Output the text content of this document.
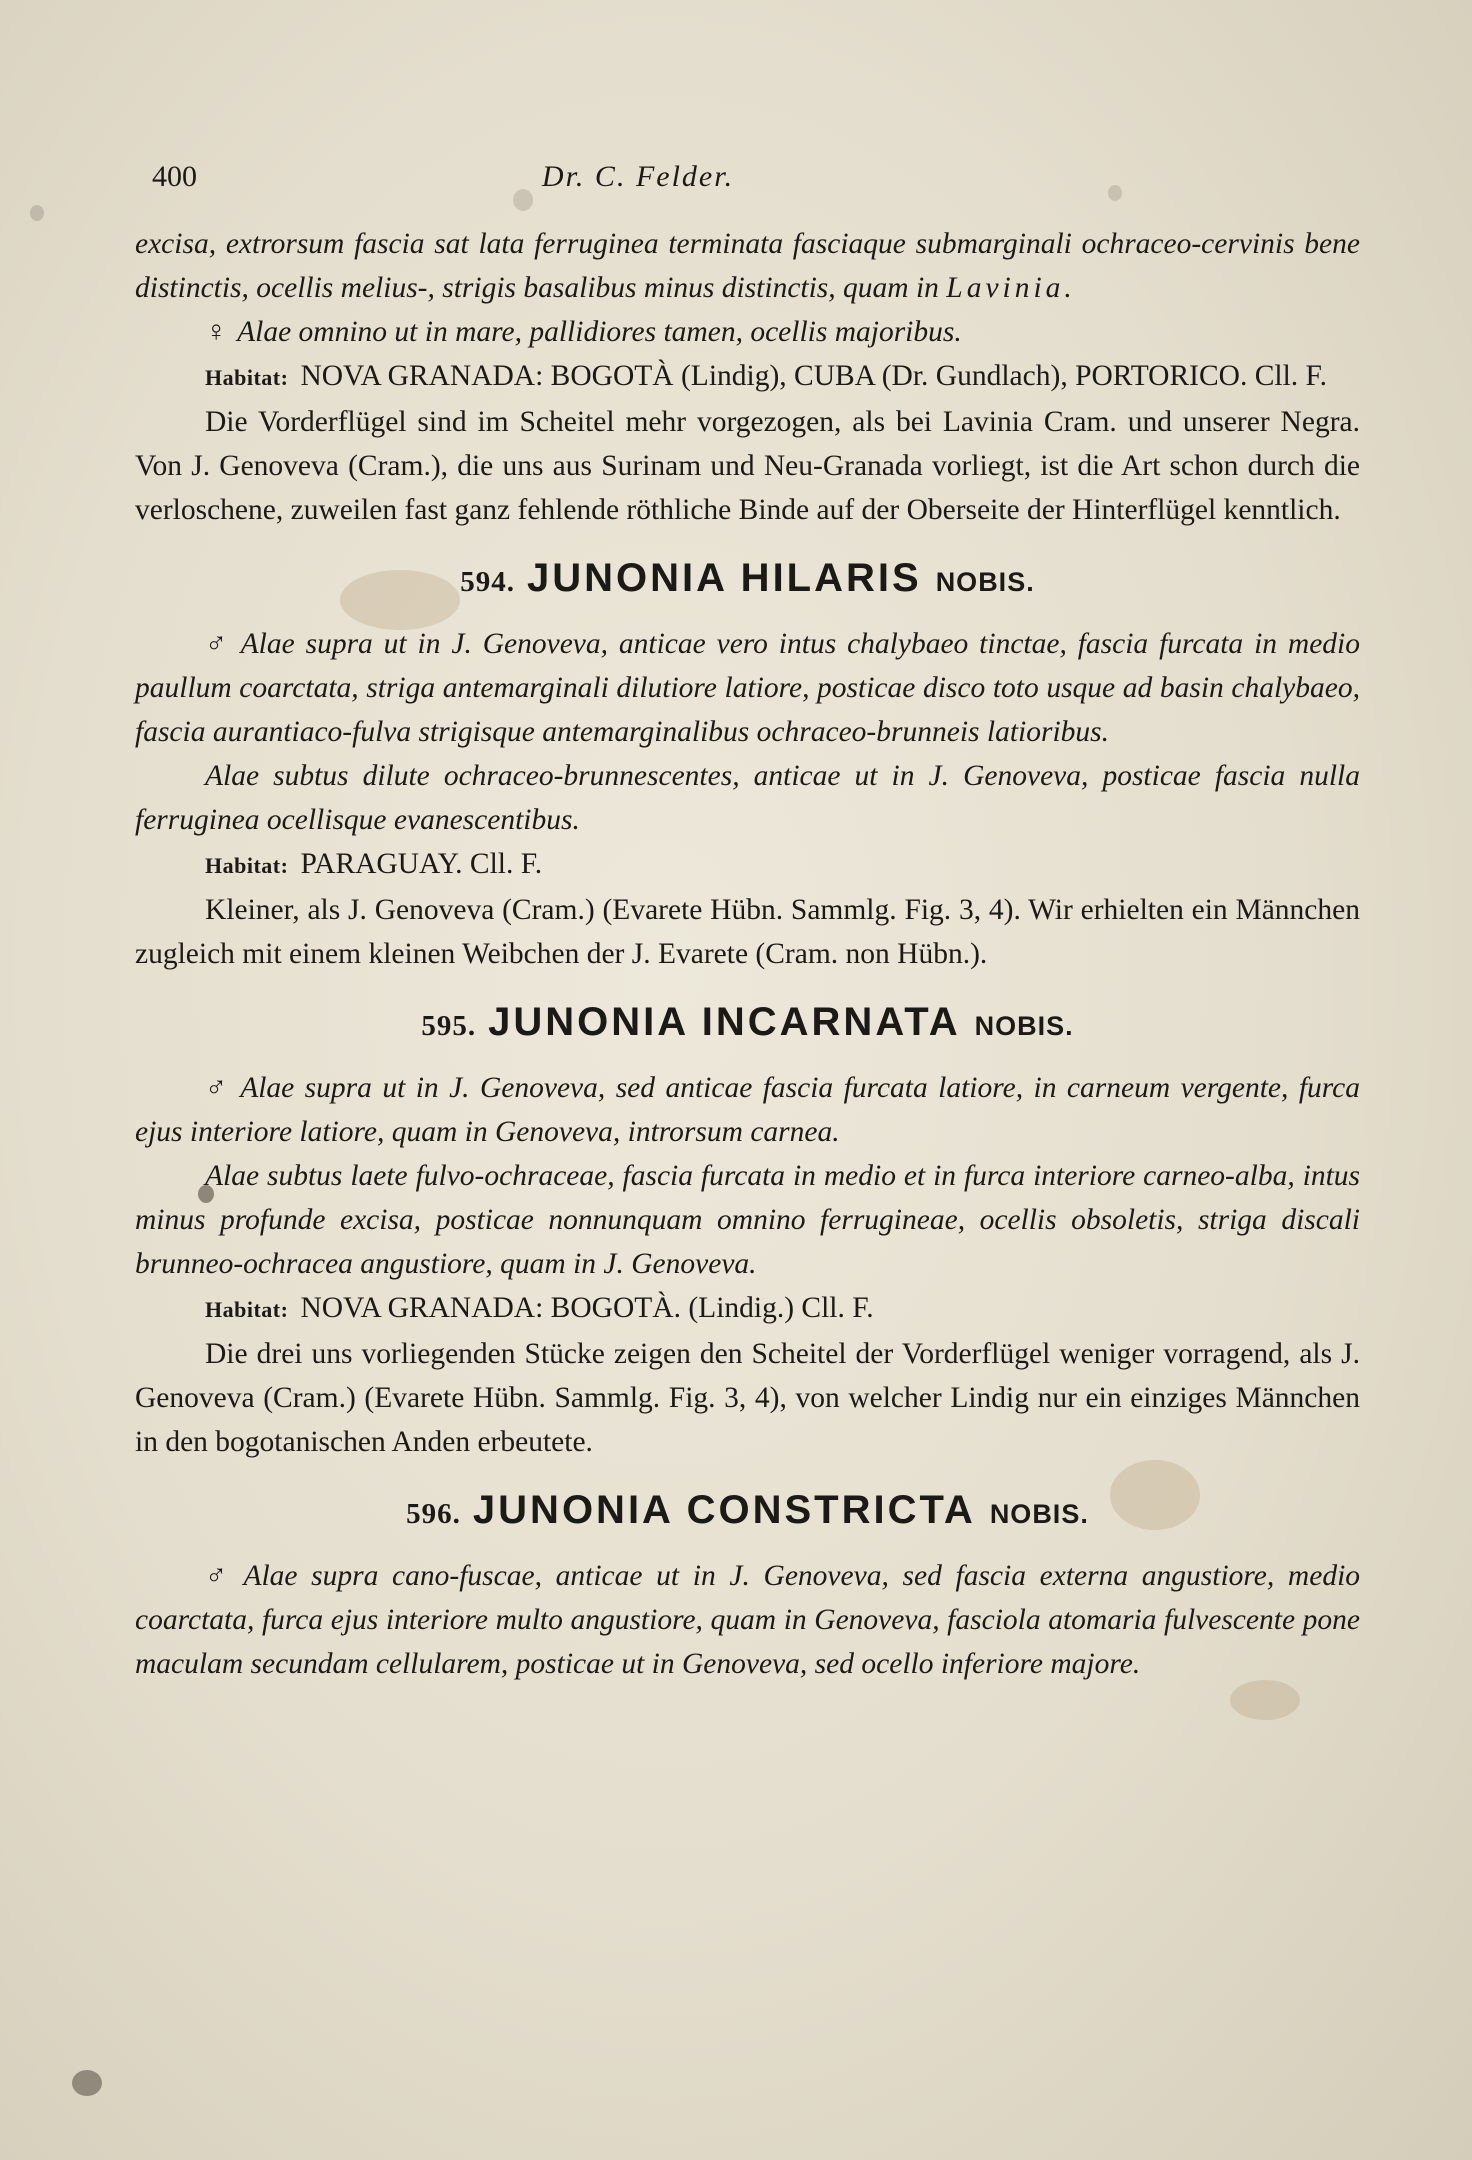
400	Dr. C. Felder.

excisa, extrorsum fascia sat lata ferruginea terminata fasciaque submarginali ochraceo-cervinis bene distinctis, ocellis melius-, strigis basalibus minus distinctis, quam in Lavinia.

♀ Alae omnino ut in mare, pallidiores tamen, ocellis majoribus.

Habitat: NOVA GRANADA: BOGOTÀ (Lindig), CUBA (Dr. Gundlach), PORTORICO. Cll. F.

Die Vorderflügel sind im Scheitel mehr vorgezogen, als bei Lavinia Cram. und unserer Negra. Von J. Genoveva (Cram.), die uns aus Surinam und Neu-Granada vorliegt, ist die Art schon durch die verloschene, zuweilen fast ganz fehlende röthliche Binde auf der Oberseite der Hinterflügel kenntlich.

594. JUNONIA HILARIS NOBIS.

♂ Alae supra ut in J. Genoveva, anticae vero intus chalybaeo tinctae, fascia furcata in medio paullum coarctata, striga antemarginali dilutiore latiore, posticae disco toto usque ad basin chalybaeo, fascia aurantiaco-fulva strigisque antemarginalibus ochraceo-brunneis latioribus.

Alae subtus dilute ochraceo-brunnescentes, anticae ut in J. Genoveva, posticae fascia nulla ferruginea ocellisque evanescentibus.

Habitat: PARAGUAY. Cll. F.

Kleiner, als J. Genoveva (Cram.) (Evarete Hübn. Sammlg. Fig. 3, 4). Wir erhielten ein Männchen zugleich mit einem kleinen Weibchen der J. Evarete (Cram. non Hübn.).

595. JUNONIA INCARNATA NOBIS.

♂ Alae supra ut in J. Genoveva, sed anticae fascia furcata latiore, in carneum vergente, furca ejus interiore latiore, quam in Genoveva, introrsum carnea.

Alae subtus laete fulvo-ochraceae, fascia furcata in medio et in furca interiore carneo-alba, intus minus profunde excisa, posticae nonnunquam omnino ferrugineae, ocellis obsoletis, striga discali brunneo-ochracea angustiore, quam in J. Genoveva.

Habitat: NOVA GRANADA: BOGOTÀ. (Lindig.) Cll. F.

Die drei uns vorliegenden Stücke zeigen den Scheitel der Vorderflügel weniger vorragend, als J. Genoveva (Cram.) (Evarete Hübn. Sammlg. Fig. 3, 4), von welcher Lindig nur ein einziges Männchen in den bogotanischen Anden erbeutete.

596. JUNONIA CONSTRICTA NOBIS.

♂ Alae supra cano-fuscae, anticae ut in J. Genoveva, sed fascia externa angustiore, medio coarctata, furca ejus interiore multo angustiore, quam in Genoveva, fasciola atomaria fulvescente pone maculam secundam cellularem, posticae ut in Genoveva, sed ocello inferiore majore.
